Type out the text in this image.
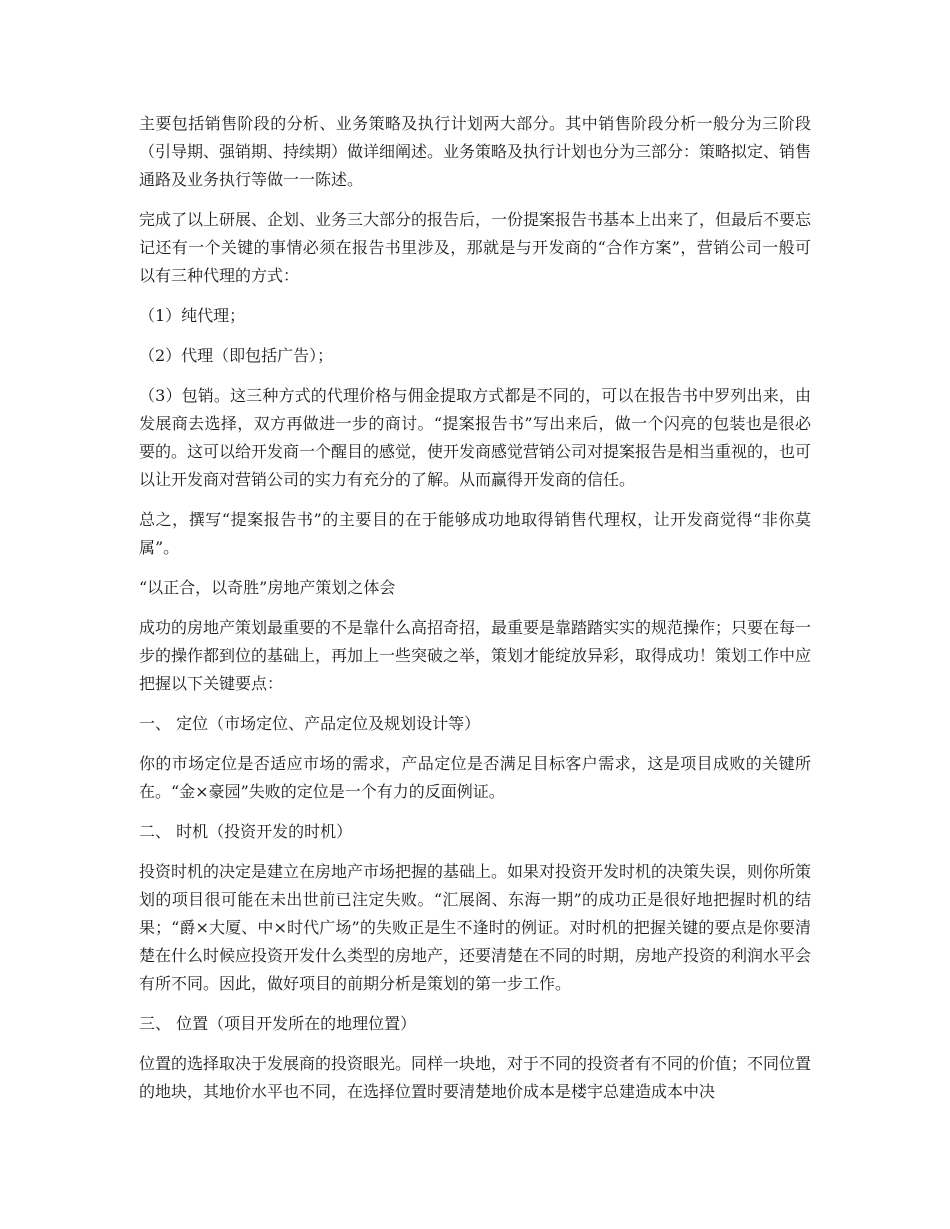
主要包括销售阶段的分析、业务策略及执行计划两大部分。其中销售阶段分析一般分为三阶段（引导期、强销期、持续期）做详细阐述。业务策略及执行计划也分为三部分：策略拟定、销售通路及业务执行等做一一陈述。

完成了以上研展、企划、业务三大部分的报告后，一份提案报告书基本上出来了，但最后不要忘记还有一个关键的事情必须在报告书里涉及，那就是与开发商的“合作方案”，营销公司一般可以有三种代理的方式：

（1）纯代理；

（2）代理（即包括广告）；

（3）包销。这三种方式的代理价格与佣金提取方式都是不同的，可以在报告书中罗列出来，由发展商去选择，双方再做进一步的商讨。“提案报告书”写出来后，做一个闪亮的包装也是很必要的。这可以给开发商一个醒目的感觉，使开发商感觉营销公司对提案报告是相当重视的，也可以让开发商对营销公司的实力有充分的了解。从而赢得开发商的信任。

总之，撰写“提案报告书”的主要目的在于能够成功地取得销售代理权，让开发商觉得“非你莫属”。

“以正合，以奇胜”房地产策划之体会

成功的房地产策划最重要的不是靠什么高招奇招，最重要是靠踏踏实实的规范操作；只要在每一步的操作都到位的基础上，再加上一些突破之举，策划才能绽放异彩，取得成功！策划工作中应把握以下关键要点：

一、 定位（市场定位、产品定位及规划设计等）

你的市场定位是否适应市场的需求，产品定位是否满足目标客户需求，这是项目成败的关键所在。“金×豪园”失败的定位是一个有力的反面例证。

二、 时机（投资开发的时机）

投资时机的决定是建立在房地产市场把握的基础上。如果对投资开发时机的决策失误，则你所策划的项目很可能在未出世前已注定失败。“汇展阁、东海一期”的成功正是很好地把握时机的结果；“爵×大厦、中×时代广场”的失败正是生不逢时的例证。对时机的把握关键的要点是你要清楚在什么时候应投资开发什么类型的房地产，还要清楚在不同的时期，房地产投资的利润水平会有所不同。因此，做好项目的前期分析是策划的第一步工作。

三、 位置（项目开发所在的地理位置）

位置的选择取决于发展商的投资眼光。同样一块地，对于不同的投资者有不同的价值；不同位置的地块，其地价水平也不同，在选择位置时要清楚地价成本是楼宇总建造成本中决
